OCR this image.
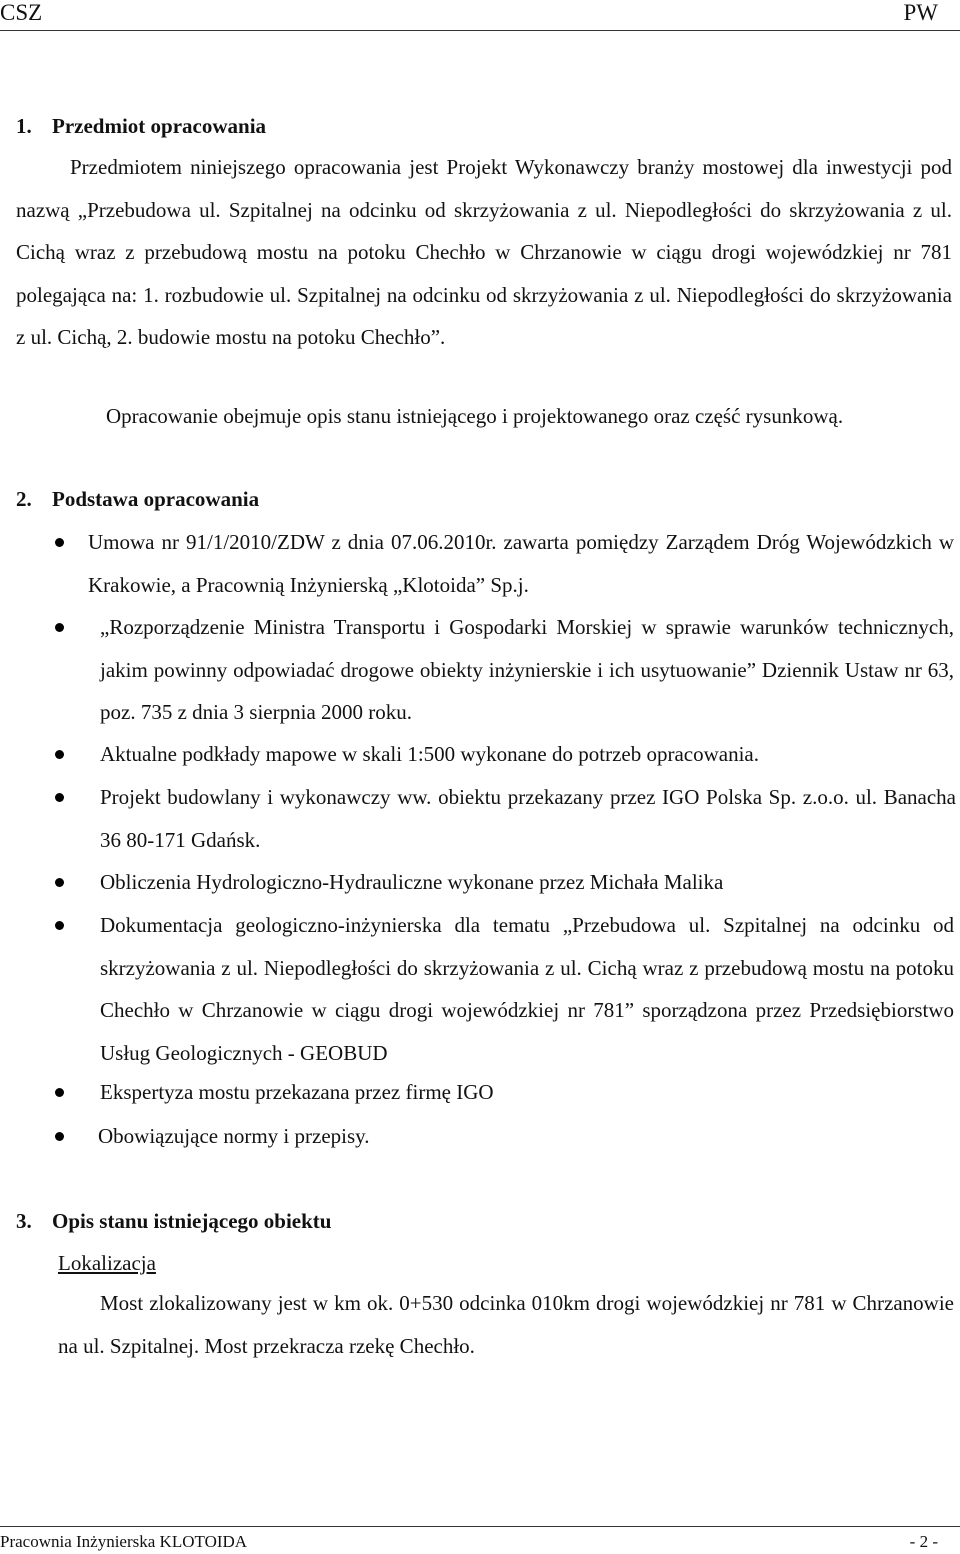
CSZ	PW
1. Przedmiot opracowania
Przedmiotem niniejszego opracowania jest Projekt Wykonawczy branży mostowej dla inwestycji pod nazwą „Przebudowa ul. Szpitalnej na odcinku od skrzyżowania z ul. Niepodległości do skrzyżowania z ul. Cichą wraz z przebudową mostu na potoku Chechło w Chrzanowie w ciągu drogi wojewódzkiej nr 781 polegająca na: 1. rozbudowie ul. Szpitalnej na odcinku od skrzyżowania z ul. Niepodległości do skrzyżowania z ul. Cichą, 2. budowie mostu na potoku Chechło”.
Opracowanie obejmuje opis stanu istniejącego i projektowanego oraz część rysunkową.
2. Podstawa opracowania
Umowa nr 91/1/2010/ZDW z dnia 07.06.2010r. zawarta pomiędzy Zarządem Dróg Wojewódzkich w Krakowie, a Pracownią Inżynierską „Klotoida” Sp.j.
„Rozporządzenie Ministra Transportu i Gospodarki Morskiej w sprawie warunków technicznych, jakim powinny odpowiadać drogowe obiekty inżynierskie i ich usytuowanie” Dziennik Ustaw nr 63, poz. 735 z dnia 3 sierpnia 2000 roku.
Aktualne podkłady mapowe w skali 1:500 wykonane do potrzeb opracowania.
Projekt budowlany i wykonawczy ww. obiektu przekazany przez IGO Polska Sp. z.o.o. ul. Banacha 36 80-171 Gdańsk.
Obliczenia Hydrologiczno-Hydrauliczne wykonane przez Michała Malika
Dokumentacja geologiczno-inżynierska dla tematu „Przebudowa ul. Szpitalnej na odcinku od skrzyżowania z ul. Niepodległości do skrzyżowania z ul. Cichą wraz z przebudową mostu na potoku Chechło w Chrzanowie w ciągu drogi wojewódzkiej nr 781” sporządzona przez Przedsiębiorstwo Usług Geologicznych - GEOBUD
Ekspertyza mostu przekazana przez firmę IGO
Obowiązujące normy i przepisy.
3. Opis stanu istniejącego obiektu
Lokalizacja
Most zlokalizowany jest w km ok. 0+530 odcinka 010km drogi wojewódzkiej nr 781 w Chrzanowie na ul. Szpitalnej. Most przekracza rzekę Chechło.
Pracownia Inżynierska KLOTOIDA	- 2 -
